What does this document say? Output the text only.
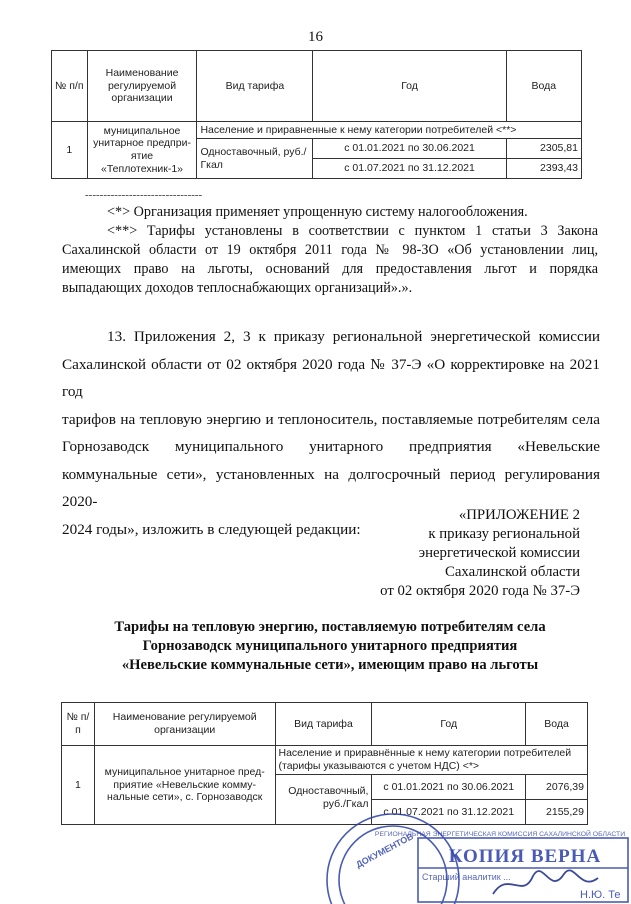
16
№ п/п	Наименование регулируемой организации	Вид тарифа	Год	Вода
1	муниципальное унитарное предпри-ятие «Теплотехник-1»	Население и приравненные к нему категории потребителей <**>		
		Одноставочный, руб./Гкал	с 01.01.2021 по 30.06.2021	2305,81
			с 01.07.2021 по 31.12.2021	2393,43
--------------------------------
<*> Организация применяет упрощенную систему налогообложения.
<**> Тарифы установлены в соответствии с пунктом 1 статьи 3 Закона Сахалинской области от 19 октября 2011 года № 98-ЗО «Об установлении лиц, имеющих право на льготы, оснований для предоставления льгот и порядка выпадающих доходов теплоснабжающих организаций».».
13. Приложения 2, 3 к приказу региональной энергетической комиссии
Сахалинской области от 02 октября 2020 года № 37-Э «О корректировке на 2021 год
тарифов на тепловую энергию и теплоноситель, поставляемые потребителям села
Горнозаводск муниципального унитарного предприятия «Невельские
коммунальные сети», установленных на долгосрочный период регулирования 2020-
2024 годы», изложить в следующей редакции:
«ПРИЛОЖЕНИЕ 2
к приказу региональной
энергетической комиссии
Сахалинской области
от 02 октября 2020 года № 37-Э
Тарифы на тепловую энергию, поставляемую потребителям села
Горнозаводск муниципального унитарного предприятия
«Невельские коммунальные сети», имеющим право на льготы
№ п/п	Наименование регулируемой организации	Вид тарифа	Год	Вода
1	муниципальное унитарное пред-приятие «Невельские комму-нальные сети», с. Горнозаводск	Население и приравнённые к нему категории потребителей (тарифы указываются с учетом НДС) <*>		
		Одноставочный, руб./Гкал	с 01.01.2021 по 30.06.2021	2076,39
			с 01.07.2021 по 31.12.2021	2155,29
РЕГИОНАЛЬНАЯ ЭНЕРГЕТИЧЕСКАЯ КОМИССИЯ САХАЛИНСКОЙ ОБЛАСТИ
КОПИЯ ВЕРНА
Старший аналитик ...
Н.Ю. Те
ДОКУМЕНТОВ
